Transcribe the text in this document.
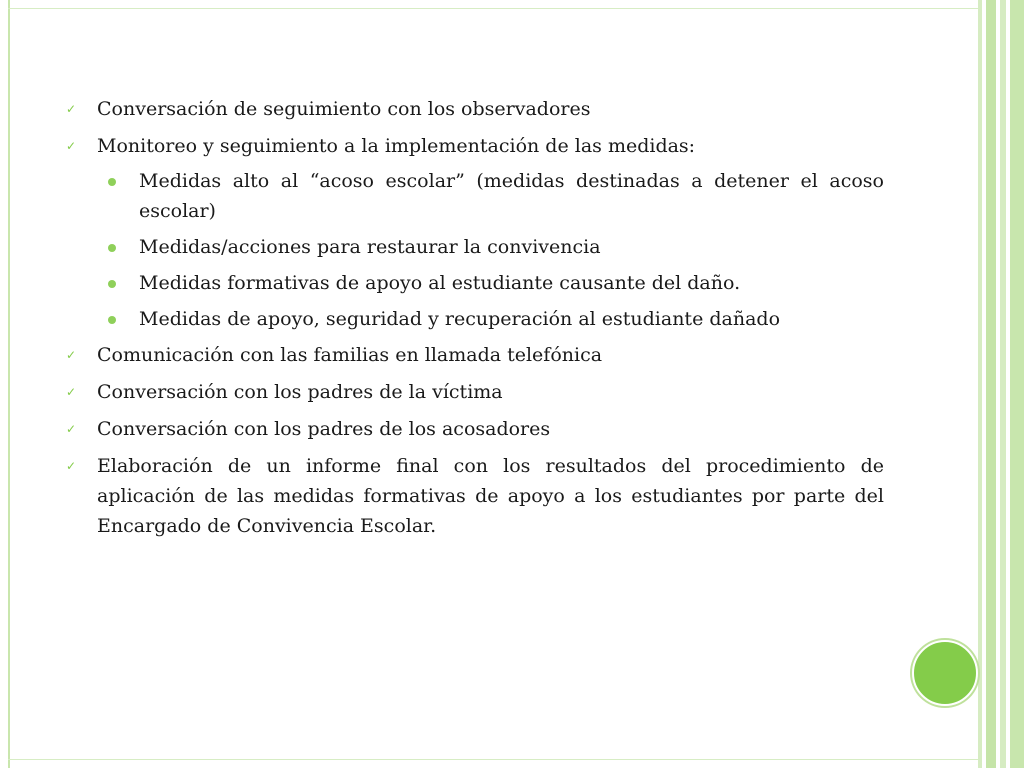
✓ Conversación de seguimiento con los observadores
✓ Monitoreo y seguimiento a la implementación de las medidas:
Medidas alto al “acoso escolar” (medidas destinadas a detener el acoso escolar)
Medidas/acciones para restaurar la convivencia
Medidas formativas de apoyo al estudiante causante del daño.
Medidas de apoyo, seguridad y recuperación al estudiante dañado
✓ Comunicación con las familias en llamada telefónica
✓ Conversación con los padres de la víctima
✓ Conversación con los padres de los acosadores
✓ Elaboración de un informe final con los resultados del procedimiento de aplicación de las medidas formativas de apoyo a los estudiantes por parte del Encargado de Convivencia Escolar.
